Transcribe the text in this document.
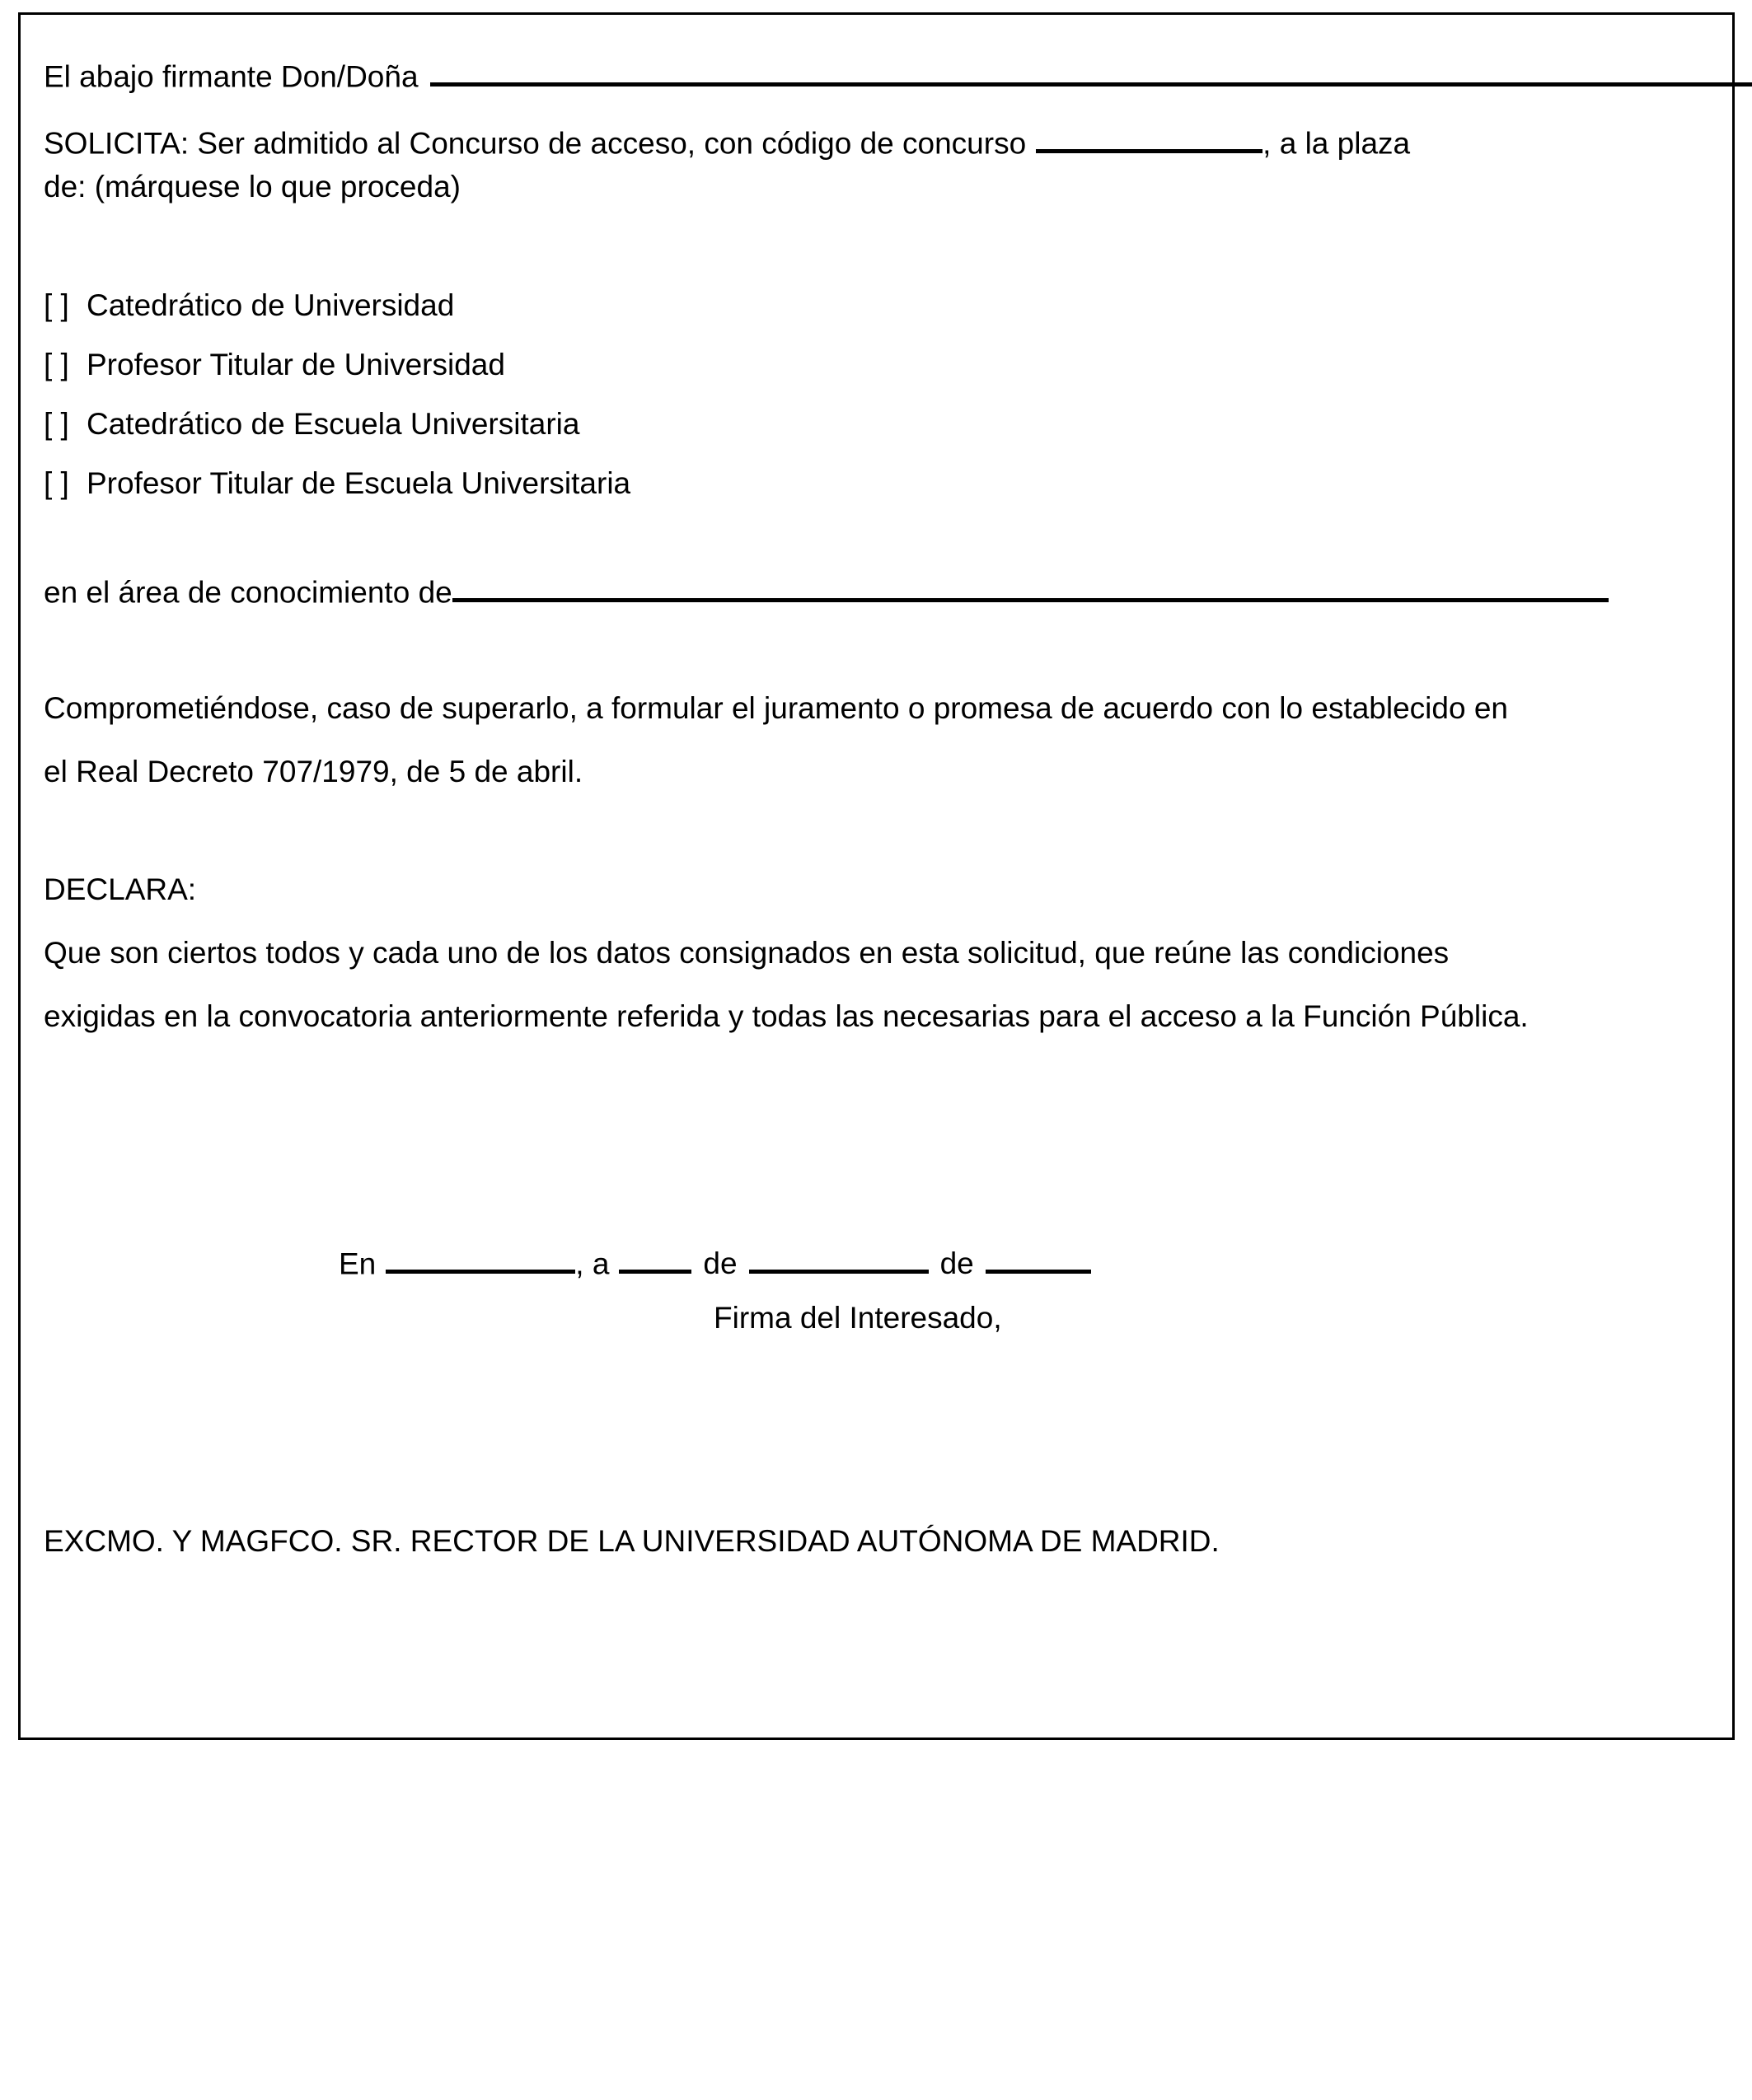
El abajo firmante Don/Doña
SOLICITA: Ser admitido al Concurso de acceso, con código de concurso	, a la plaza
de: (márquese lo que proceda)
[ ] Catedrático de Universidad
[ ] Profesor Titular de Universidad
[ ] Catedrático de Escuela Universitaria
[ ] Profesor Titular de Escuela Universitaria
en el área de conocimiento de
Comprometiéndose, caso de superarlo, a formular el juramento o promesa de acuerdo con lo establecido en
el Real Decreto 707/1979, de 5 de abril.
DECLARA:
Que son ciertos todos y cada uno de los datos consignados en esta solicitud, que reúne las condiciones
exigidas en la convocatoria anteriormente referida y todas las necesarias para el acceso a la Función Pública.
En	, a	de	de
Firma del Interesado,
EXCMO. Y MAGFCO. SR. RECTOR DE LA UNIVERSIDAD AUTÓNOMA DE MADRID.
